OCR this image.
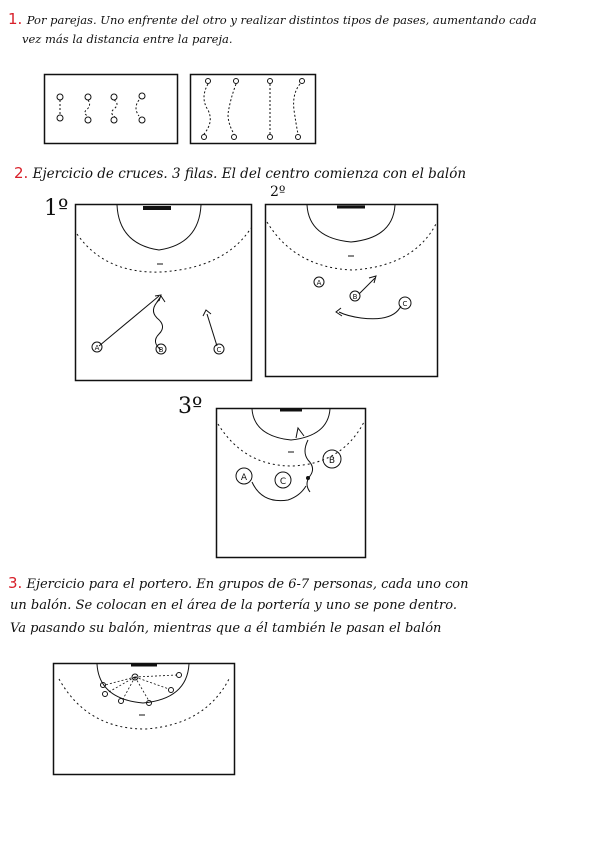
1. Por parejas. Uno enfrente del otro y realizar distintos tipos de pases, aumentando cada
vez más la distancia entre la pareja.
2. Ejercicio de cruces. 3 filas. El del centro comienza con el balón
1º
2º
3º
A	B	C
A
B
C
A
B
C
3. Ejercicio para el portero. En grupos de 6-7 personas, cada uno con
un balón. Se colocan en el área de la portería y uno se pone dentro.
Va pasando su balón, mientras que a él también le pasan el balón
